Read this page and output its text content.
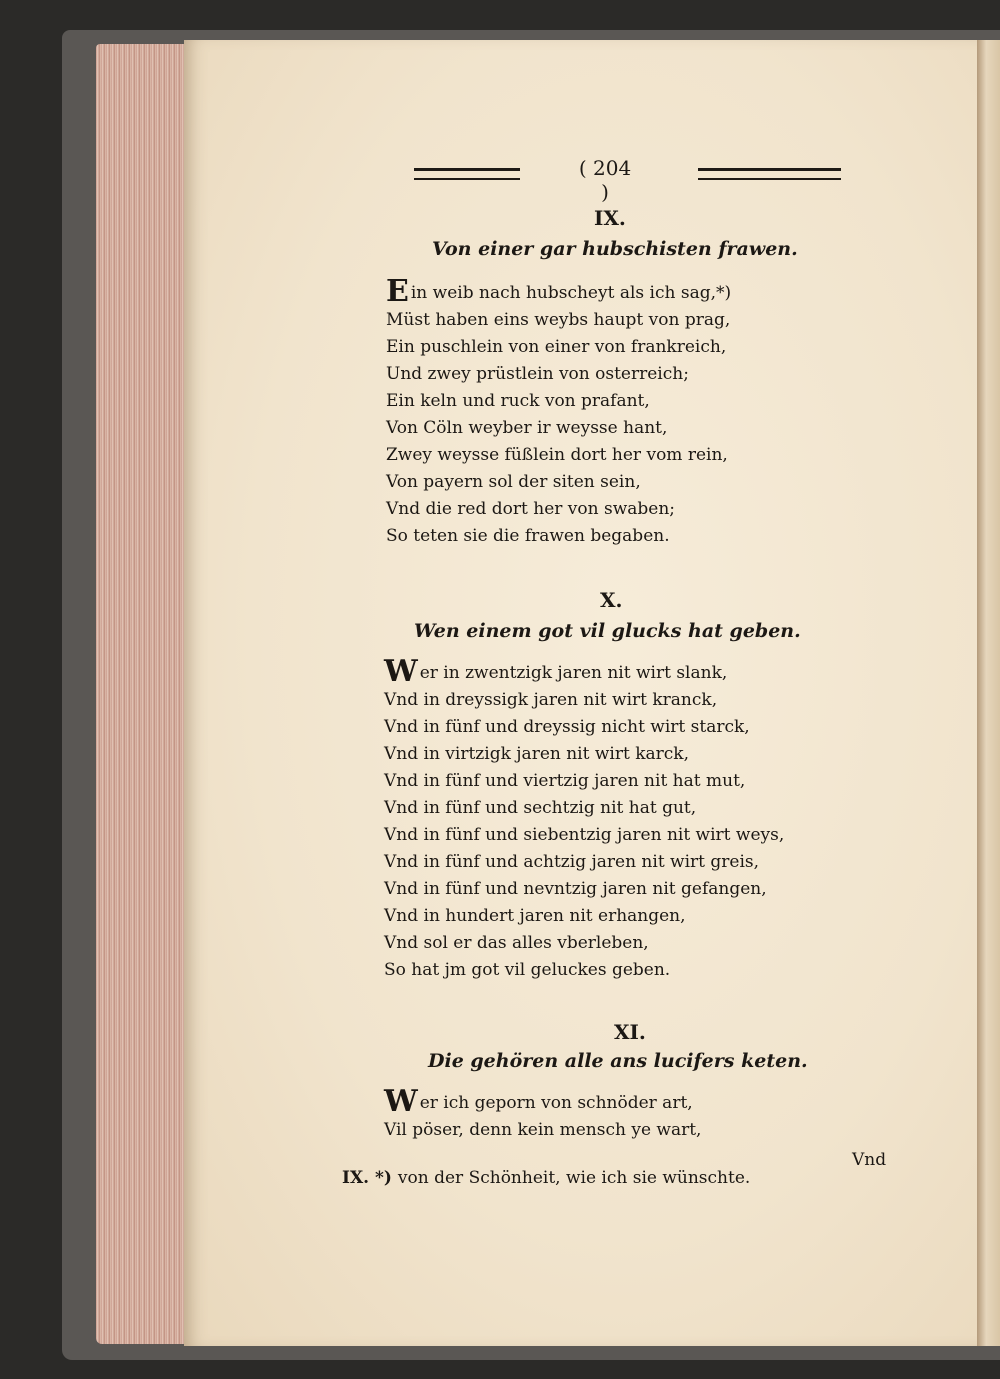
( 204 )
IX.
Von einer gar hubschisten frawen.
Ein weib nach hubscheyt als ich sag,*)
Müst haben eins weybs haupt von prag,
Ein puschlein von einer von frankreich,
Und zwey prüstlein von osterreich;
Ein keln und ruck von prafant,
Von Cöln weyber ir weysse hant,
Zwey weysse füßlein dort her vom rein,
Von payern sol der siten sein,
Vnd die red dort her von swaben;
So teten sie die frawen begaben.
X.
Wen einem got vil glucks hat geben.
Wer in zwentzigk jaren nit wirt slank,
Vnd in dreyssigk jaren nit wirt kranck,
Vnd in fünf und dreyssig nicht wirt starck,
Vnd in virtzigk jaren nit wirt karck,
Vnd in fünf und viertzig jaren nit hat mut,
Vnd in fünf und sechtzig nit hat gut,
Vnd in fünf und siebentzig jaren nit wirt weys,
Vnd in fünf und achtzig jaren nit wirt greis,
Vnd in fünf und nevntzig jaren nit gefangen,
Vnd in hundert jaren nit erhangen,
Vnd sol er das alles vberleben,
So hat jm got vil geluckes geben.
XI.
Die gehören alle ans lucifers keten.
Wer ich geporn von schnöder art,
Vil pöser, denn kein mensch ye wart,
Vnd
IX. *) von der Schönheit, wie ich sie wünschte.
